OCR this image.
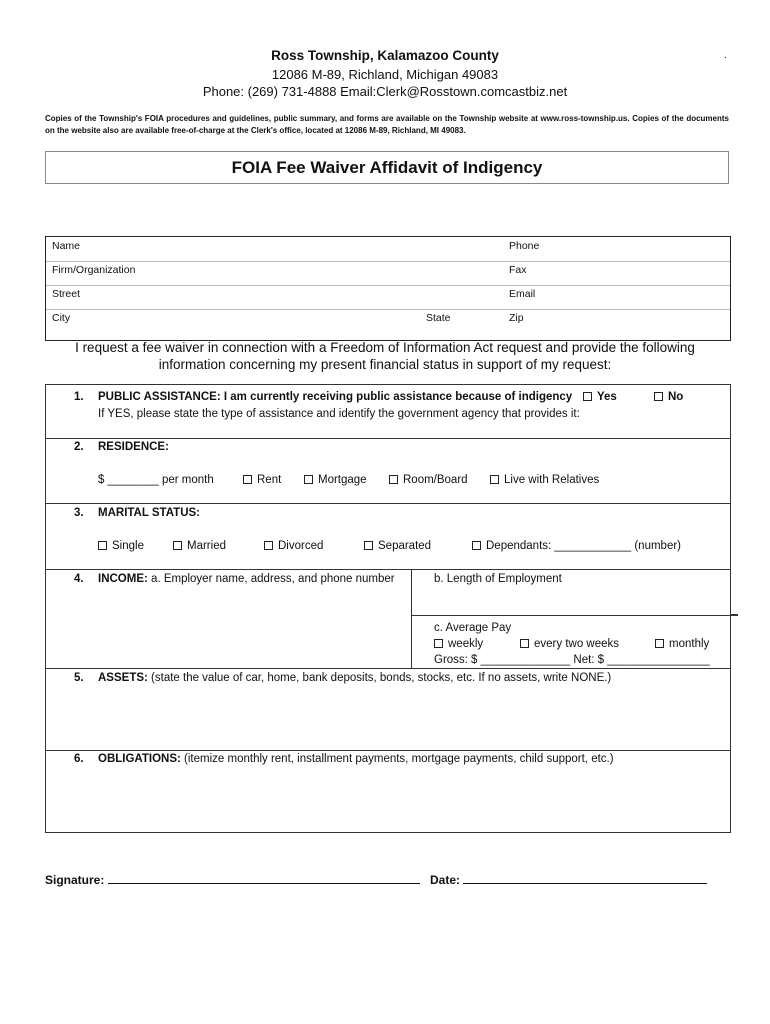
Ross Township, Kalamazoo County
12086 M-89, Richland, Michigan 49083
Phone: (269) 731-4888 Email:Clerk@Rosstown.comcastbiz.net
.
Copies of the Township's FOIA procedures and guidelines, public summary, and forms are available on the Township website at www.ross-township.us. Copies of the documents on the website also are available free-of-charge at the Clerk's office, located at 12086 M-89, Richland, MI 49083.
FOIA Fee Waiver Affidavit of Indigency
Name	Phone
Firm/Organization	Fax
Street	Email
City	State	Zip
I request a fee waiver in connection with a Freedom of Information Act request and provide the following information concerning my present financial status in support of my request:
1. PUBLIC ASSISTANCE: I am currently receiving public assistance because of indigency	Yes	No
If YES, please state the type of assistance and identify the government agency that provides it:
2. RESIDENCE:
$ ________ per month	Rent	Mortgage	Room/Board	Live with Relatives
3. MARITAL STATUS:
Single	Married	Divorced	Separated	Dependants: ____________ (number)
4. INCOME: a. Employer name, address, and phone number	b. Length of Employment
c. Average Pay
weekly	every two weeks	monthly
Gross: $ ______________ Net: $ ________________
5. ASSETS: (state the value of car, home, bank deposits, bonds, stocks, etc. If no assets, write NONE.)
6. OBLIGATIONS: (itemize monthly rent, installment payments, mortgage payments, child support, etc.)
Signature:	Date:
